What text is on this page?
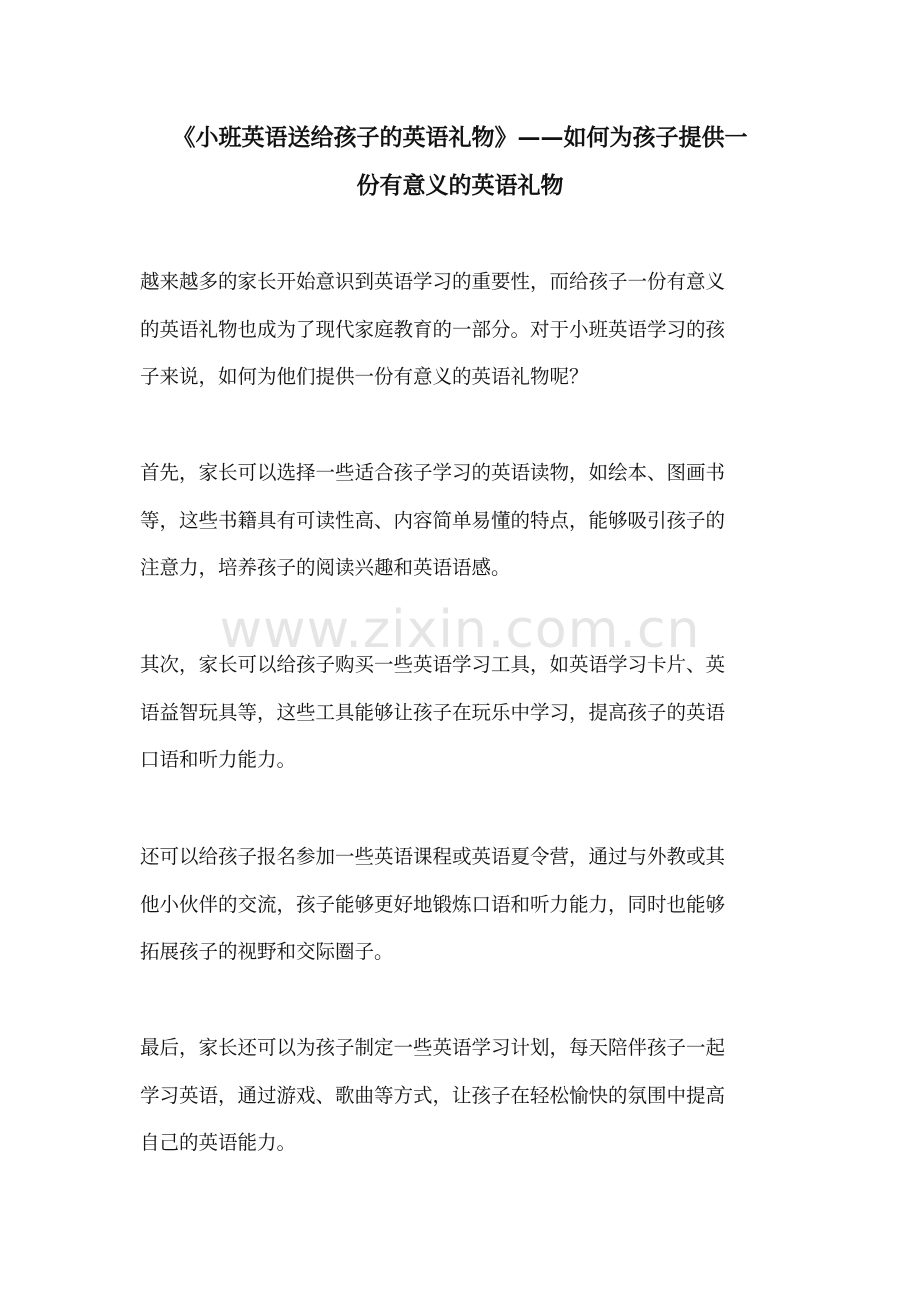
《小班英语送给孩子的英语礼物》——如何为孩子提供一
份有意义的英语礼物

越来越多的家长开始意识到英语学习的重要性，而给孩子一份有意义
的英语礼物也成为了现代家庭教育的一部分。对于小班英语学习的孩
子来说，如何为他们提供一份有意义的英语礼物呢？

首先，家长可以选择一些适合孩子学习的英语读物，如绘本、图画书
等，这些书籍具有可读性高、内容简单易懂的特点，能够吸引孩子的
注意力，培养孩子的阅读兴趣和英语语感。

其次，家长可以给孩子购买一些英语学习工具，如英语学习卡片、英
语益智玩具等，这些工具能够让孩子在玩乐中学习，提高孩子的英语
口语和听力能力。

还可以给孩子报名参加一些英语课程或英语夏令营，通过与外教或其
他小伙伴的交流，孩子能够更好地锻炼口语和听力能力，同时也能够
拓展孩子的视野和交际圈子。

最后，家长还可以为孩子制定一些英语学习计划，每天陪伴孩子一起
学习英语，通过游戏、歌曲等方式，让孩子在轻松愉快的氛围中提高
自己的英语能力。

www.zixin.com.cn
